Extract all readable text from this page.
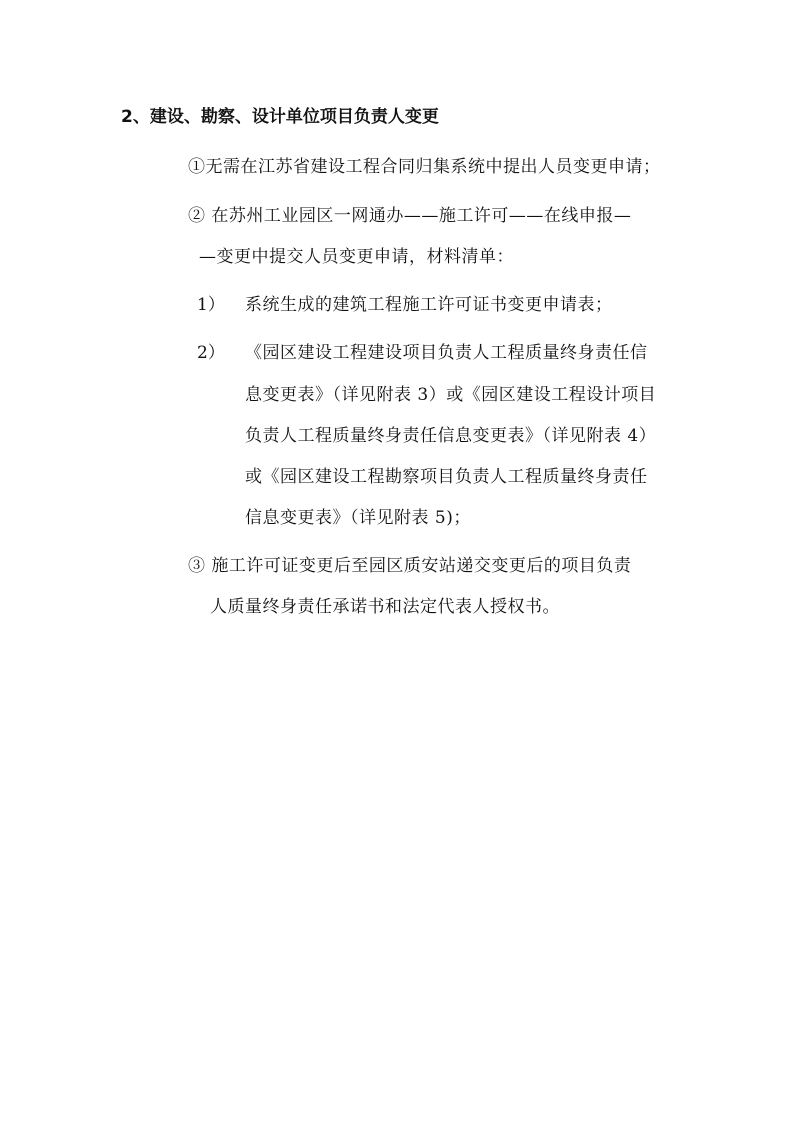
2、建设、勘察、设计单位项目负责人变更
①无需在江苏省建设工程合同归集系统中提出人员变更申请；
② 在苏州工业园区一网通办——施工许可——在线申报—
—变更中提交人员变更申请，材料清单：
1） 系统生成的建筑工程施工许可证书变更申请表；
2） 《园区建设工程建设项目负责人工程质量终身责任信
息变更表》（详见附表 3）或《园区建设工程设计项目
负责人工程质量终身责任信息变更表》（详见附表 4）
或《园区建设工程勘察项目负责人工程质量终身责任
信息变更表》（详见附表 5)；
③ 施工许可证变更后至园区质安站递交变更后的项目负责
人质量终身责任承诺书和法定代表人授权书。
